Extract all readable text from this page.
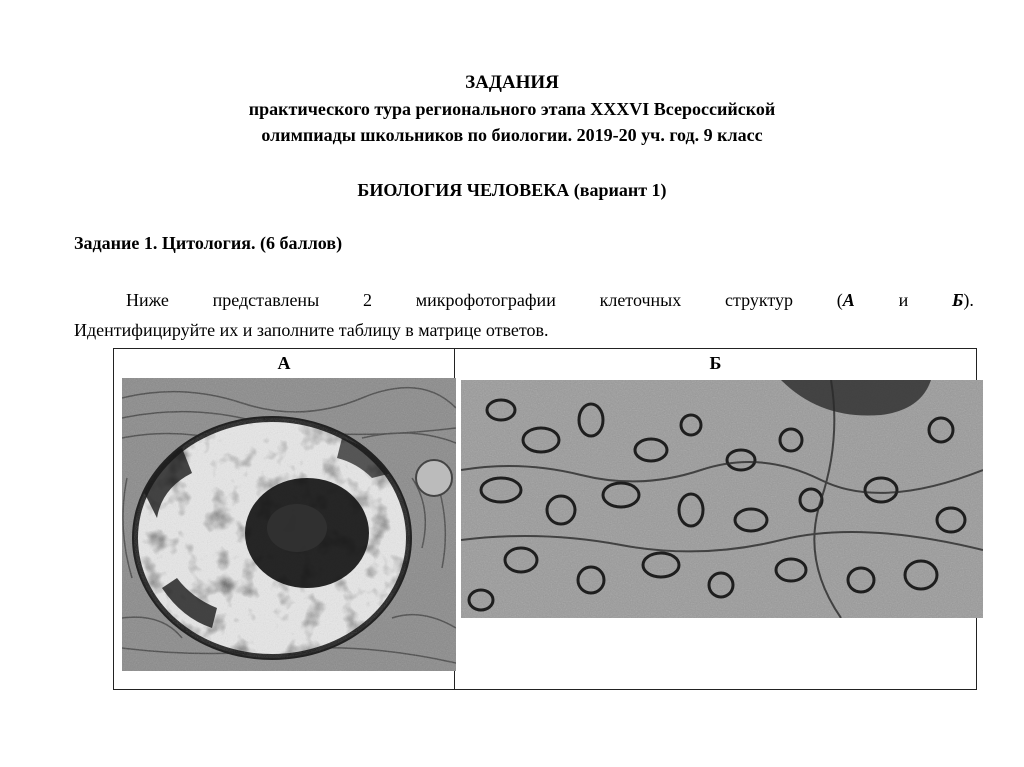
ЗАДАНИЯ
практического тура регионального этапа XXXVI Всероссийской
олимпиады школьников по биологии. 2019-20 уч. год. 9 класс
БИОЛОГИЯ ЧЕЛОВЕКА (вариант 1)
Задание 1. Цитология. (6 баллов)
Ниже представлены 2 микрофотографии клеточных структур (А и Б).
Идентифицируйте их и заполните таблицу в матрице ответов.
А	Б
